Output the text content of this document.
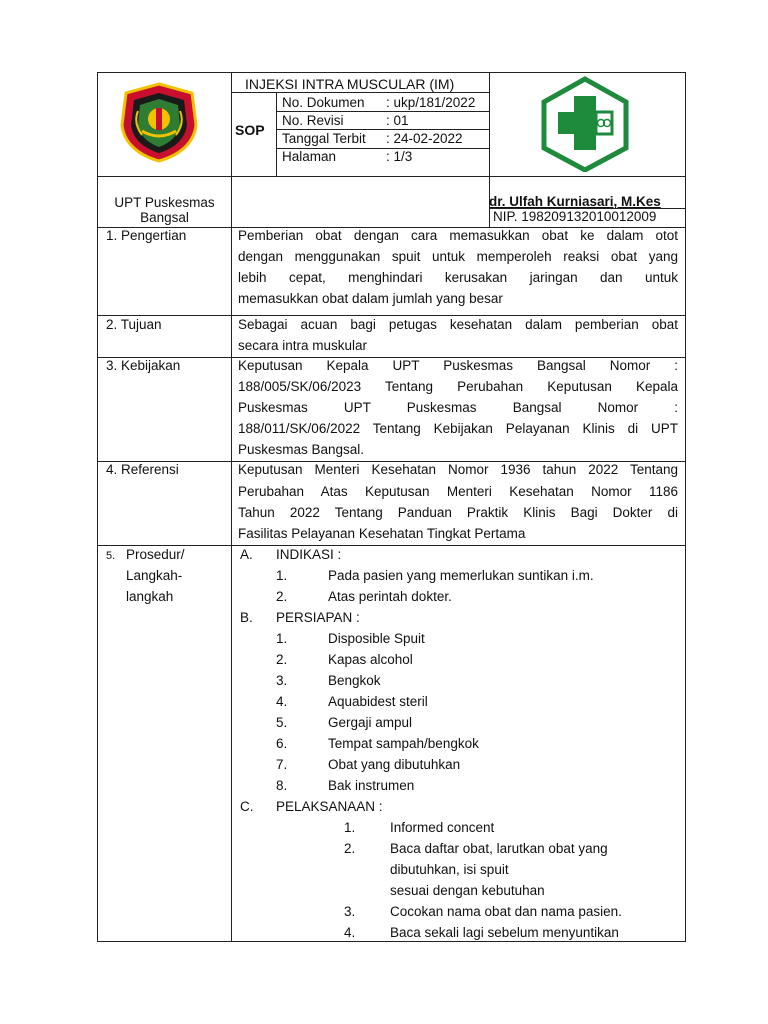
INJEKSI INTRA MUSCULAR (IM)
SOP
No. Dokumen : ukp/181/2022
No. Revisi	: 01
Tanggal Terbit : 24-02-2022
Halaman	: 1/3
UPT Puskesmas
Bangsal
dr. Ulfah Kurniasari, M.Kes
NIP. 198209132010012009
1. Pengertian	Pemberian obat dengan cara memasukkan obat ke dalam otot
dengan menggunakan spuit untuk memperoleh reaksi obat yang
lebih cepat, menghindari kerusakan jaringan dan untuk
memasukkan obat dalam jumlah yang besar
2. Tujuan	Sebagai acuan bagi petugas kesehatan dalam pemberian obat
secara intra muskular
3. Kebijakan	Keputusan Kepala UPT Puskesmas Bangsal Nomor :
188/005/SK/06/2023 Tentang Perubahan Keputusan Kepala
Puskesmas UPT Puskesmas Bangsal Nomor :
188/011/SK/06/2022 Tentang Kebijakan Pelayanan Klinis di UPT
Puskesmas Bangsal.
4. Referensi	Keputusan Menteri Kesehatan Nomor 1936 tahun 2022 Tentang
Perubahan Atas Keputusan Menteri Kesehatan Nomor 1186
Tahun 2022 Tentang Panduan Praktik Klinis Bagi Dokter di
Fasilitas Pelayanan Kesehatan Tingkat Pertama
5. Prosedur/
Langkah-
langkah
A. INDIKASI :
1.	Pada pasien yang memerlukan suntikan i.m.
2.	Atas perintah dokter.
B. PERSIAPAN :
1.	Disposible Spuit
2.	Kapas alcohol
3.	Bengkok
4.	Aquabidest steril
5.	Gergaji ampul
6.	Tempat sampah/bengkok
7.	Obat yang dibutuhkan
8.	Bak instrumen
C. PELAKSANAAN :
1.	Informed concent
2.	Baca daftar obat, larutkan obat yang
dibutuhkan, isi spuit
sesuai dengan kebutuhan
3.	Cocokan nama obat dan nama pasien.
4.	Baca sekali lagi sebelum menyuntikan
